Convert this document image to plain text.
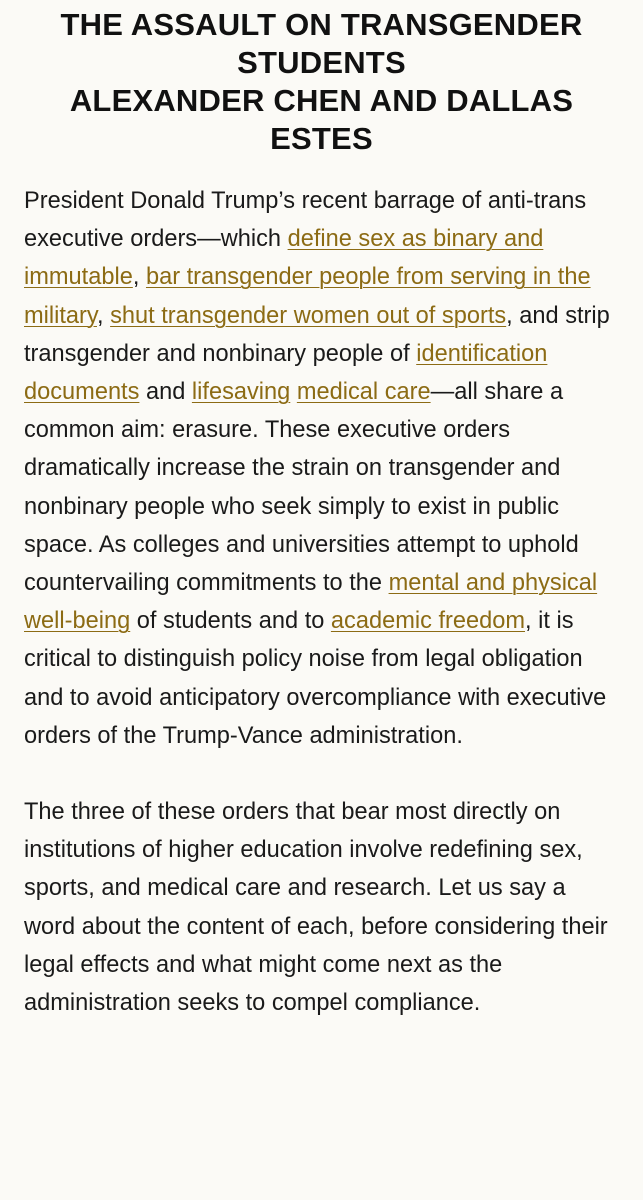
THE ASSAULT ON TRANSGENDER STUDENTS
ALEXANDER CHEN AND DALLAS ESTES

President Donald Trump’s recent barrage of anti-trans executive orders—which define sex as binary and immutable, bar transgender people from serving in the military, shut transgender women out of sports, and strip transgender and nonbinary people of identification documents and lifesaving medical care—all share a common aim: erasure. These executive orders dramatically increase the strain on transgender and nonbinary people who seek simply to exist in public space. As colleges and universities attempt to uphold countervailing commitments to the mental and physical well-being of students and to academic freedom, it is critical to distinguish policy noise from legal obligation and to avoid anticipatory overcompliance with executive orders of the Trump-Vance administration.

The three of these orders that bear most directly on institutions of higher education involve redefining sex, sports, and medical care and research. Let us say a word about the content of each, before considering their legal effects and what might come next as the administration seeks to compel compliance.
